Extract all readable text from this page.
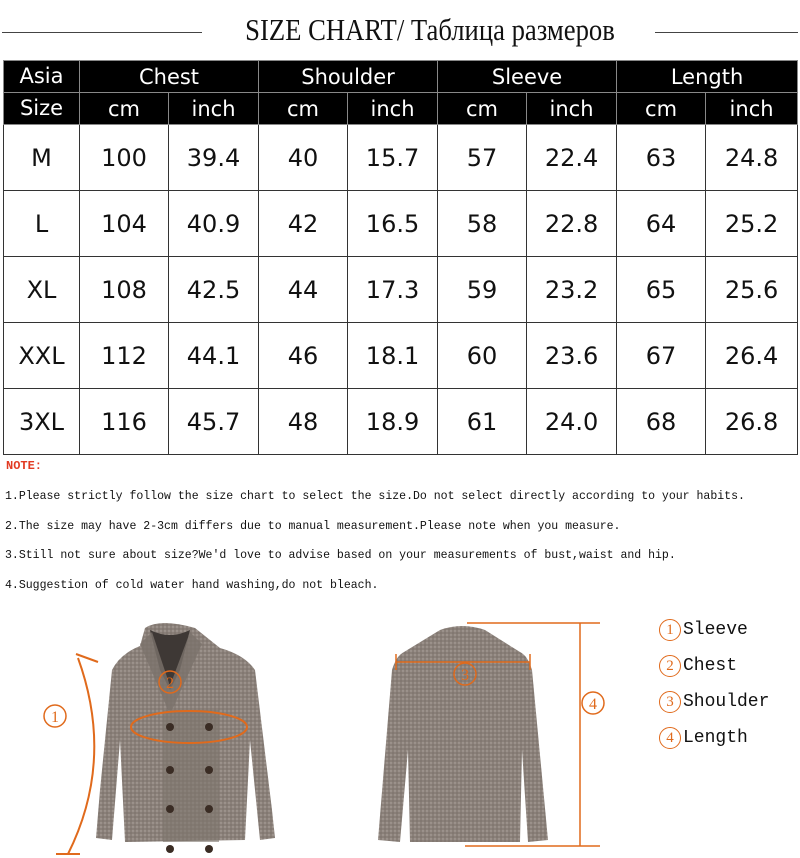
SIZE CHART/ Таблица размеров
Asia	Chest		Shoulder		Sleeve		Length	
Size	cm	inch	cm	inch	cm	inch	cm	inch
M	100	39.4	40	15.7	57	22.4	63	24.8
L	104	40.9	42	16.5	58	22.8	64	25.2
XL	108	42.5	44	17.3	59	23.2	65	25.6
XXL	112	44.1	46	18.1	60	23.6	67	26.4
3XL	116	45.7	48	18.9	61	24.0	68	26.8
NOTE:
1.Please strictly follow the size chart to select the size.Do not select directly according to your habits.
2.The size may have 2-3cm differs due to manual measurement.Please note when you measure.
3.Still not sure about size?We'd love to advise based on your measurements of bust,waist and hip.
4.Suggestion of cold water hand washing,do not bleach.
1
2	3
4
1 Sleeve
2 Chest
3 Shoulder
4 Length
